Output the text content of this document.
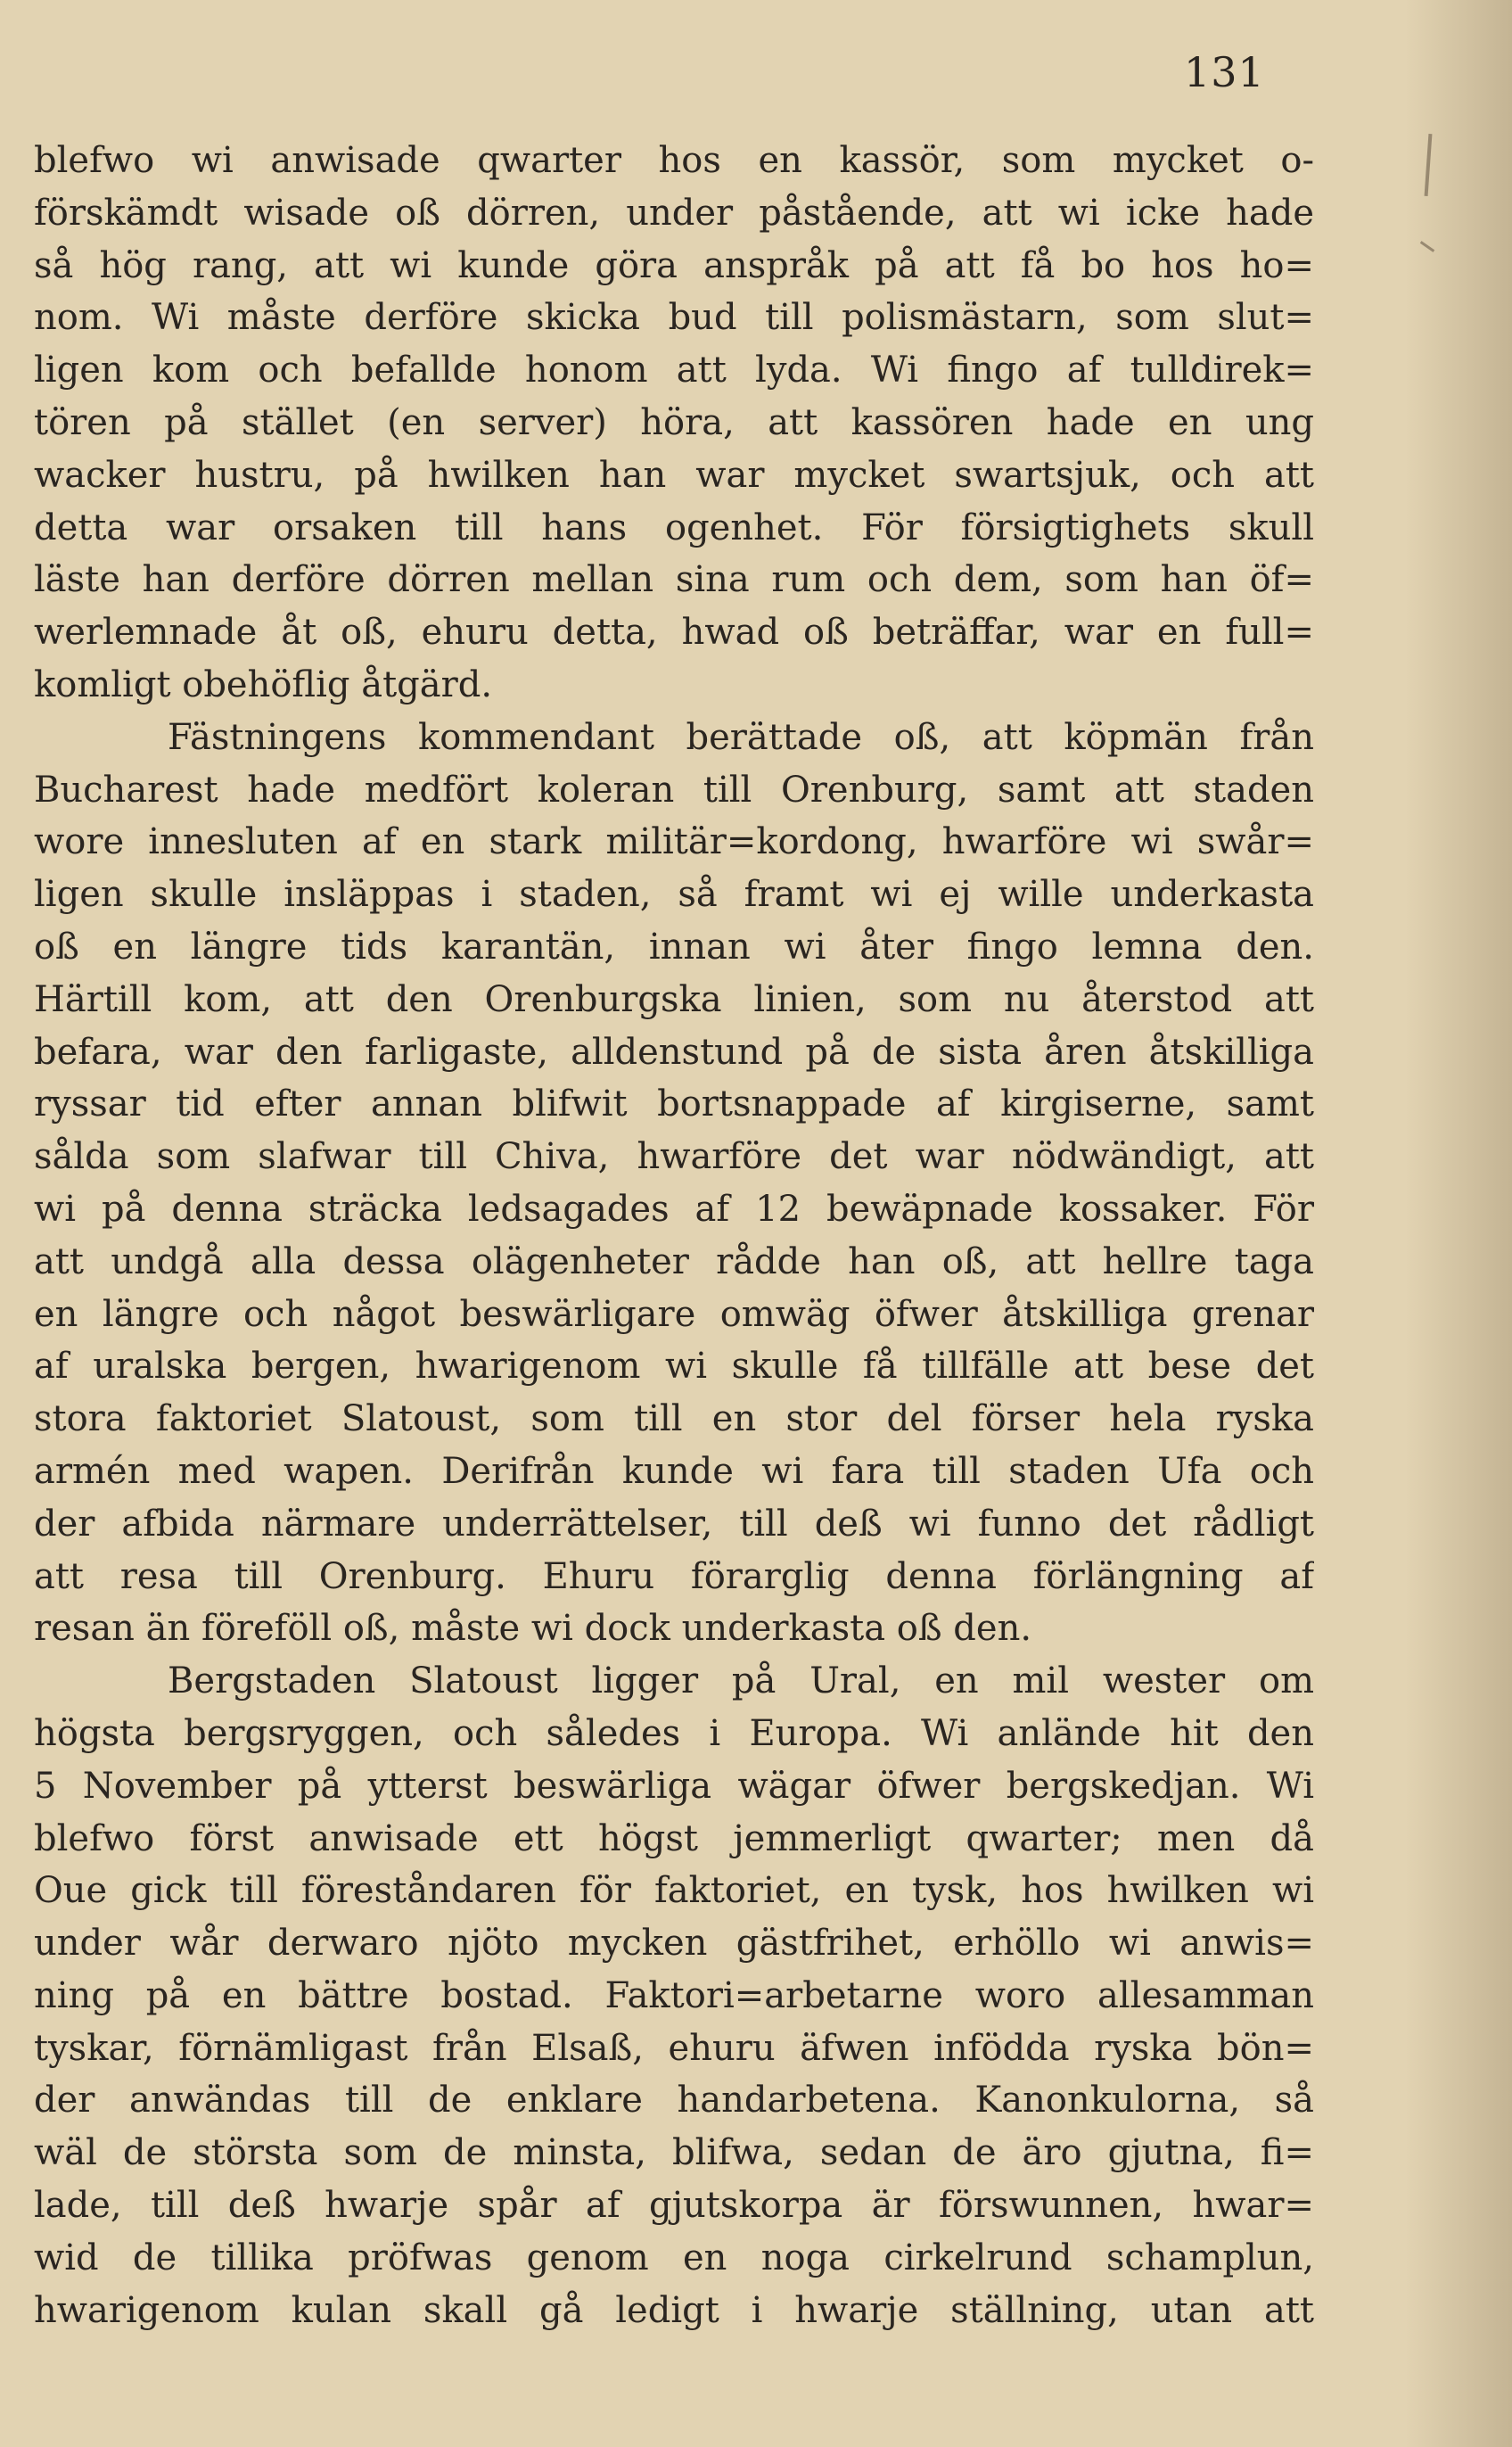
131
blefwo wi anwisade qwarter hos en kassör, som mycket o-
förskämdt wisade oß dörren, under påstående, att wi icke hade
så hög rang, att wi kunde göra anspråk på att få bo hos ho=
nom. Wi måste derföre skicka bud till polismästarn, som slut=
ligen kom och befallde honom att lyda. Wi fingo af tulldirek=
tören på stället (en server) höra, att kassören hade en ung
wacker hustru, på hwilken han war mycket swartsjuk, och att
detta war orsaken till hans ogenhet. För försigtighets skull
läste han derföre dörren mellan sina rum och dem, som han öf=
werlemnade åt oß, ehuru detta, hwad oß beträffar, war en full=
komligt obehöflig åtgärd.
Fästningens kommendant berättade oß, att köpmän från
Bucharest hade medfört koleran till Orenburg, samt att staden
wore innesluten af en stark militär=kordong, hwarföre wi swår=
ligen skulle insläppas i staden, så framt wi ej wille underkasta
oß en längre tids karantän, innan wi åter fingo lemna den.
Härtill kom, att den Orenburgska linien, som nu återstod att
befara, war den farligaste, alldenstund på de sista åren åtskilliga
ryssar tid efter annan blifwit bortsnappade af kirgiserne, samt
sålda som slafwar till Chiva, hwarföre det war nödwändigt, att
wi på denna sträcka ledsagades af 12 bewäpnade kossaker. För
att undgå alla dessa olägenheter rådde han oß, att hellre taga
en längre och något beswärligare omwäg öfwer åtskilliga grenar
af uralska bergen, hwarigenom wi skulle få tillfälle att bese det
stora faktoriet Slatoust, som till en stor del förser hela ryska
armén med wapen. Derifrån kunde wi fara till staden Ufa och
der afbida närmare underrättelser, till deß wi funno det rådligt
att resa till Orenburg. Ehuru förarglig denna förlängning af
resan än föreföll oß, måste wi dock underkasta oß den.
Bergstaden Slatoust ligger på Ural, en mil wester om
högsta bergsryggen, och således i Europa. Wi anlände hit den
5 November på ytterst beswärliga wägar öfwer bergskedjan. Wi
blefwo först anwisade ett högst jemmerligt qwarter; men då
Oue gick till föreståndaren för faktoriet, en tysk, hos hwilken wi
under wår derwaro njöto mycken gästfrihet, erhöllo wi anwis=
ning på en bättre bostad. Faktori=arbetarne woro allesamman
tyskar, förnämligast från Elsaß, ehuru äfwen infödda ryska bön=
der anwändas till de enklare handarbetena. Kanonkulorna, så
wäl de största som de minsta, blifwa, sedan de äro gjutna, fi=
lade, till deß hwarje spår af gjutskorpa är förswunnen, hwar=
wid de tillika pröfwas genom en noga cirkelrund schamplun,
hwarigenom kulan skall gå ledigt i hwarje ställning, utan att
